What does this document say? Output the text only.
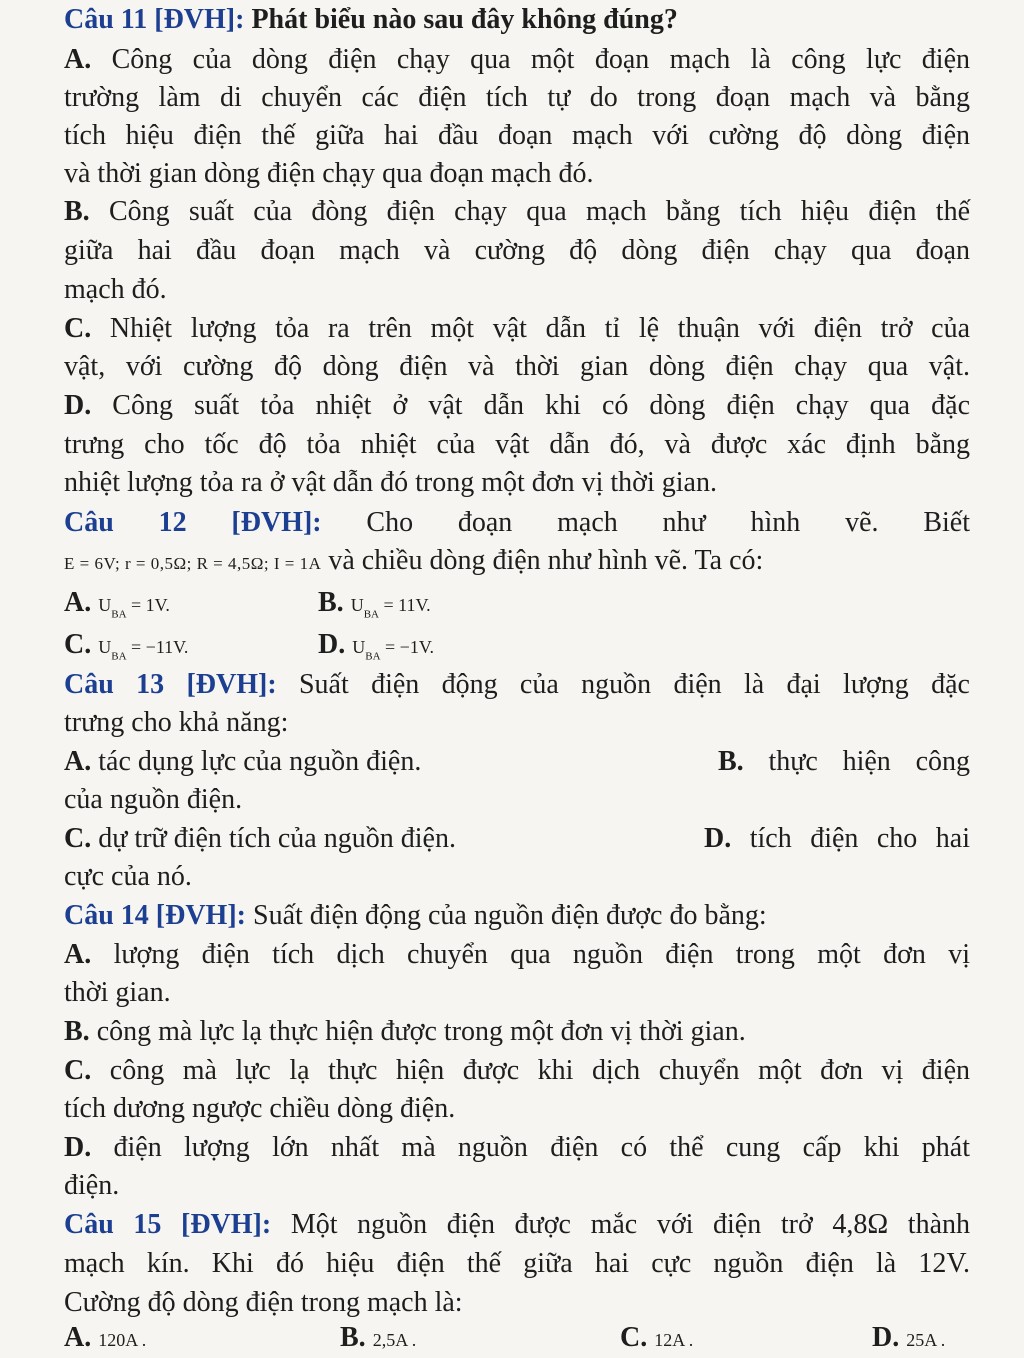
Câu 11 [ĐVH]: Phát biểu nào sau đây không đúng?
A. Công của dòng điện chạy qua một đoạn mạch là công lực điện
trường làm di chuyển các điện tích tự do trong đoạn mạch và bằng
tích hiệu điện thế giữa hai đầu đoạn mạch với cường độ dòng điện
và thời gian dòng điện chạy qua đoạn mạch đó.
B. Công suất của đòng điện chạy qua mạch bằng tích hiệu điện thế
giữa hai đầu đoạn mạch và cường độ dòng điện chạy qua đoạn
mạch đó.
C. Nhiệt lượng tỏa ra trên một vật dẫn tỉ lệ thuận với điện trở của
vật, với cường độ dòng điện và thời gian dòng điện chạy qua vật.
D. Công suất tỏa nhiệt ở vật dẫn khi có dòng điện chạy qua đặc
trưng cho tốc độ tỏa nhiệt của vật dẫn đó, và được xác định bằng
nhiệt lượng tỏa ra ở vật dẫn đó trong một đơn vị thời gian.
Câu 12 [ĐVH]: Cho đoạn mạch như hình vẽ. Biết
E = 6V; r = 0,5Ω; R = 4,5Ω; I = 1A và chiều dòng điện như hình vẽ. Ta có:
A. $U_{BA} = 1V$.	B. $U_{BA} = 11V$.
C. $U_{BA} = -11V$.	D. $U_{BA} = -1V$.
Câu 13 [ĐVH]: Suất điện động của nguồn điện là đại lượng đặc
trưng cho khả năng:
A. tác dụng lực của nguồn điện.	B. thực hiện công
của nguồn điện.
C. dự trữ điện tích của nguồn điện.	D. tích điện cho hai
cực của nó.
Câu 14 [ĐVH]: Suất điện động của nguồn điện được đo bằng:
A. lượng điện tích dịch chuyển qua nguồn điện trong một đơn vị
thời gian.
B. công mà lực lạ thực hiện được trong một đơn vị thời gian.
C. công mà lực lạ thực hiện được khi dịch chuyển một đơn vị điện
tích dương ngược chiều dòng điện.
D. điện lượng lớn nhất mà nguồn điện có thể cung cấp khi phát
điện.
Câu 15 [ĐVH]: Một nguồn điện được mắc với điện trở 4,8Ω thành
mạch kín. Khi đó hiệu điện thế giữa hai cực nguồn điện là 12V.
Cường độ dòng điện trong mạch là:
A. 120A .	B. 2,5A .	C. 12A .	D. 25A .
